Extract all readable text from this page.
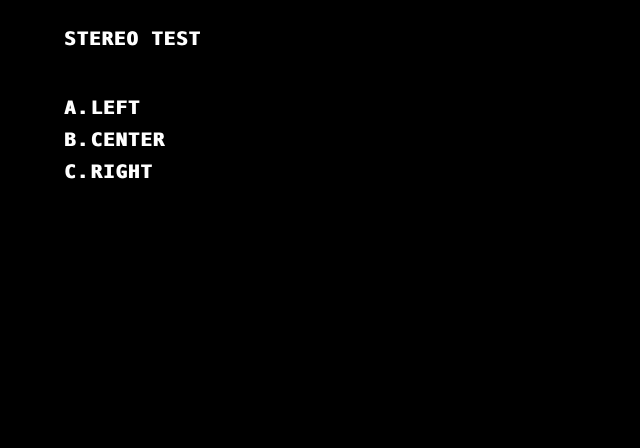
STEREO TEST
A . LEFT
B . CENTER
C . RIGHT
